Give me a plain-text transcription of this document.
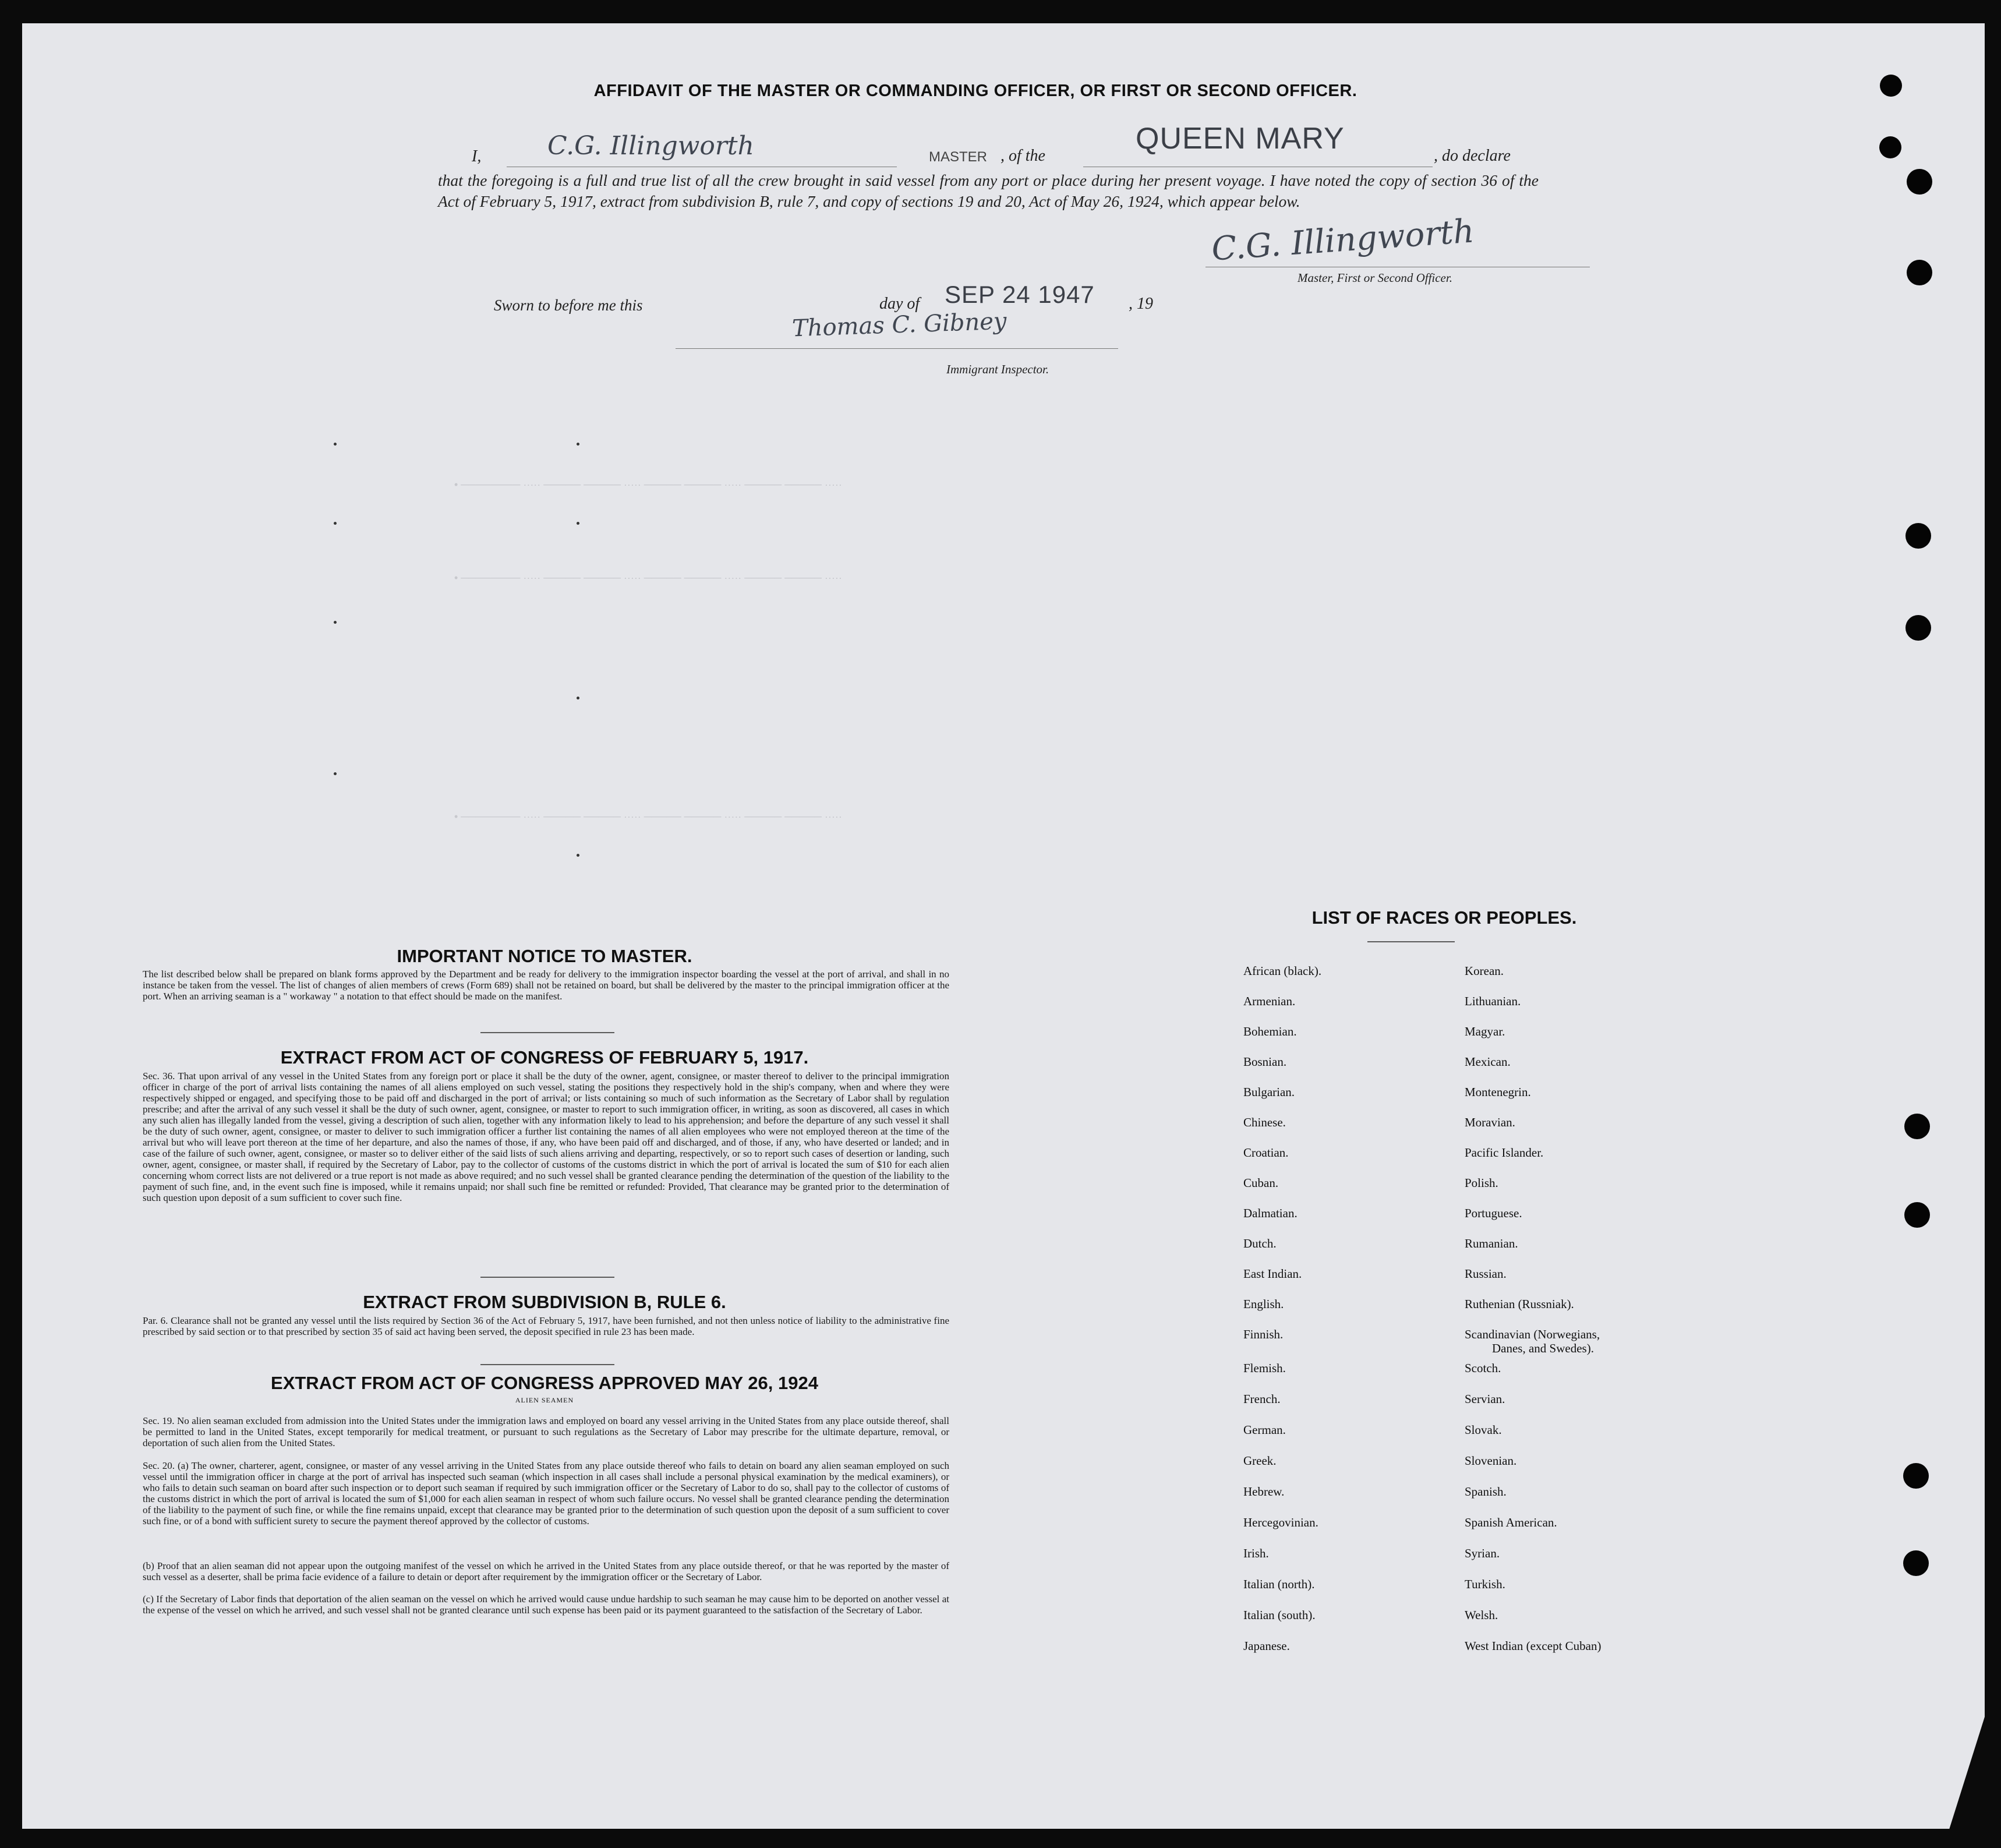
AFFIDAVIT OF THE MASTER OR COMMANDING OFFICER, OR FIRST OR SECOND OFFICER.
I,	C.G. Illingworth	MASTER , of the
QUEEN MARY
, do declare
that the foregoing is a full and true list of all the crew brought in said vessel from any port or place during her present voyage. I have noted the copy of section 36 of the Act of February 5, 1917, extract from subdivision B, rule 7, and copy of sections 19 and 20, Act of May 26, 1924, which appear below.
C.G. Illingworth
Master, First or Second Officer.
Sworn to before me this	day of SEP 24 1947 , 19
Thomas C. Gibney
Immigrant Inspector.
• ──────── ····· ───── ───── ····· ───── ───── ····· ───── ───── ·····
• ──────── ····· ───── ───── ····· ───── ───── ····· ───── ───── ·····
• ──────── ····· ───── ───── ····· ───── ───── ····· ───── ───── ·····
IMPORTANT NOTICE TO MASTER.
The list described below shall be prepared on blank forms approved by the Department and be ready for delivery to the immigration inspector boarding the vessel at the port of arrival, and shall in no instance be taken from the vessel. The list of changes of alien members of crews (Form 689) shall not be retained on board, but shall be delivered by the master to the principal immigration officer at the port. When an arriving seaman is a " workaway " a notation to that effect should be made on the manifest.
EXTRACT FROM ACT OF CONGRESS OF FEBRUARY 5, 1917.
Sec. 36. That upon arrival of any vessel in the United States from any foreign port or place it shall be the duty of the owner, agent, consignee, or master thereof to deliver to the principal immigration officer in charge of the port of arrival lists containing the names of all aliens employed on such vessel, stating the positions they respectively hold in the ship's company, when and where they were respectively shipped or engaged, and specifying those to be paid off and discharged in the port of arrival; or lists containing so much of such information as the Secretary of Labor shall by regulation prescribe; and after the arrival of any such vessel it shall be the duty of such owner, agent, consignee, or master to report to such immigration officer, in writing, as soon as discovered, all cases in which any such alien has illegally landed from the vessel, giving a description of such alien, together with any information likely to lead to his apprehension; and before the departure of any such vessel it shall be the duty of such owner, agent, consignee, or master to deliver to such immigration officer a further list containing the names of all alien employees who were not employed thereon at the time of the arrival but who will leave port thereon at the time of her departure, and also the names of those, if any, who have been paid off and discharged, and of those, if any, who have deserted or landed; and in case of the failure of such owner, agent, consignee, or master so to deliver either of the said lists of such aliens arriving and departing, respectively, or so to report such cases of desertion or landing, such owner, agent, consignee, or master shall, if required by the Secretary of Labor, pay to the collector of customs of the customs district in which the port of arrival is located the sum of $10 for each alien concerning whom correct lists are not delivered or a true report is not made as above required; and no such vessel shall be granted clearance pending the determination of the question of the liability to the payment of such fine, and, in the event such fine is imposed, while it remains unpaid; nor shall such fine be remitted or refunded: Provided, That clearance may be granted prior to the determination of such question upon deposit of a sum sufficient to cover such fine.
EXTRACT FROM SUBDIVISION B, RULE 6.
Par. 6. Clearance shall not be granted any vessel until the lists required by Section 36 of the Act of February 5, 1917, have been furnished, and not then unless notice of liability to the administrative fine prescribed by said section or to that prescribed by section 35 of said act having been served, the deposit specified in rule 23 has been made.
EXTRACT FROM ACT OF CONGRESS APPROVED MAY 26, 1924
ALIEN SEAMEN
Sec. 19. No alien seaman excluded from admission into the United States under the immigration laws and employed on board any vessel arriving in the United States from any place outside thereof, shall be permitted to land in the United States, except temporarily for medical treatment, or pursuant to such regulations as the Secretary of Labor may prescribe for the ultimate departure, removal, or deportation of such alien from the United States.
Sec. 20. (a) The owner, charterer, agent, consignee, or master of any vessel arriving in the United States from any place outside thereof who fails to detain on board any alien seaman employed on such vessel until the immigration officer in charge at the port of arrival has inspected such seaman (which inspection in all cases shall include a personal physical examination by the medical examiners), or who fails to detain such seaman on board after such inspection or to deport such seaman if required by such immigration officer or the Secretary of Labor to do so, shall pay to the collector of customs of the customs district in which the port of arrival is located the sum of $1,000 for each alien seaman in respect of whom such failure occurs. No vessel shall be granted clearance pending the determination of the liability to the payment of such fine, or while the fine remains unpaid, except that clearance may be granted prior to the determination of such question upon the deposit of a sum sufficient to cover such fine, or of a bond with sufficient surety to secure the payment thereof approved by the collector of customs.
(b) Proof that an alien seaman did not appear upon the outgoing manifest of the vessel on which he arrived in the United States from any place outside thereof, or that he was reported by the master of such vessel as a deserter, shall be prima facie evidence of a failure to detain or deport after requirement by the immigration officer or the Secretary of Labor.
(c) If the Secretary of Labor finds that deportation of the alien seaman on the vessel on which he arrived would cause undue hardship to such seaman he may cause him to be deported on another vessel at the expense of the vessel on which he arrived, and such vessel shall not be granted clearance until such expense has been paid or its payment guaranteed to the satisfaction of the Secretary of Labor.
LIST OF RACES OR PEOPLES.
African (black).
Armenian.
Bohemian.
Bosnian.
Bulgarian.
Chinese.
Croatian.
Cuban.
Dalmatian.
Dutch.
East Indian.
English.
Finnish.
Flemish.
French.
German.
Greek.
Hebrew.
Hercegovinian.
Irish.
Italian (north).
Italian (south).
Japanese.
Korean.
Lithuanian.
Magyar.
Mexican.
Montenegrin.
Moravian.
Pacific Islander.
Polish.
Portuguese.
Rumanian.
Russian.
Ruthenian (Russniak).
Scandinavian (Norwegians,
Danes, and Swedes).
Scotch.
Servian.
Slovak.
Slovenian.
Spanish.
Spanish American.
Syrian.
Turkish.
Welsh.
West Indian (except Cuban)
